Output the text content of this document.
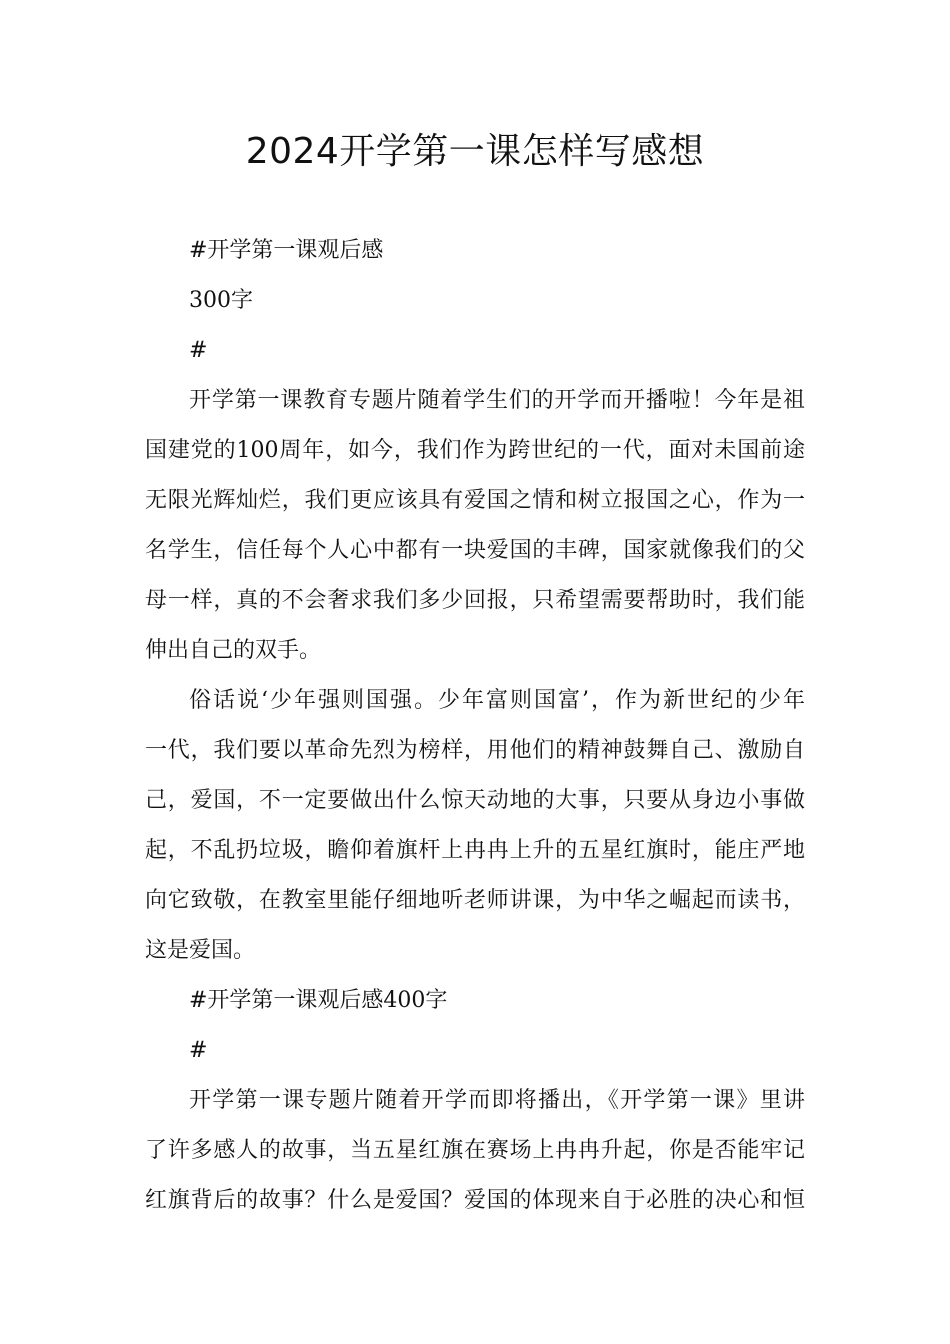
2024开学第一课怎样写感想
#开学第一课观后感
300字
#
开学第一课教育专题片随着学生们的开学而开播啦！今年是祖
国建党的100周年，如今，我们作为跨世纪的一代，面对未国前途
无限光辉灿烂，我们更应该具有爱国之情和树立报国之心，作为一
名学生，信任每个人心中都有一块爱国的丰碑，国家就像我们的父
母一样，真的不会奢求我们多少回报，只希望需要帮助时，我们能
伸出自己的双手。
俗话说‘少年强则国强。少年富则国富’，作为新世纪的少年
一代，我们要以革命先烈为榜样，用他们的精神鼓舞自己、激励自
己，爱国，不一定要做出什么惊天动地的大事，只要从身边小事做
起，不乱扔垃圾，瞻仰着旗杆上冉冉上升的五星红旗时，能庄严地
向它致敬，在教室里能仔细地听老师讲课，为中华之崛起而读书，
这是爱国。
#开学第一课观后感400字
#
开学第一课专题片随着开学而即将播出，《开学第一课》里讲
了许多感人的故事，当五星红旗在赛场上冉冉升起，你是否能牢记
红旗背后的故事？什么是爱国？爱国的体现来自于必胜的决心和恒
